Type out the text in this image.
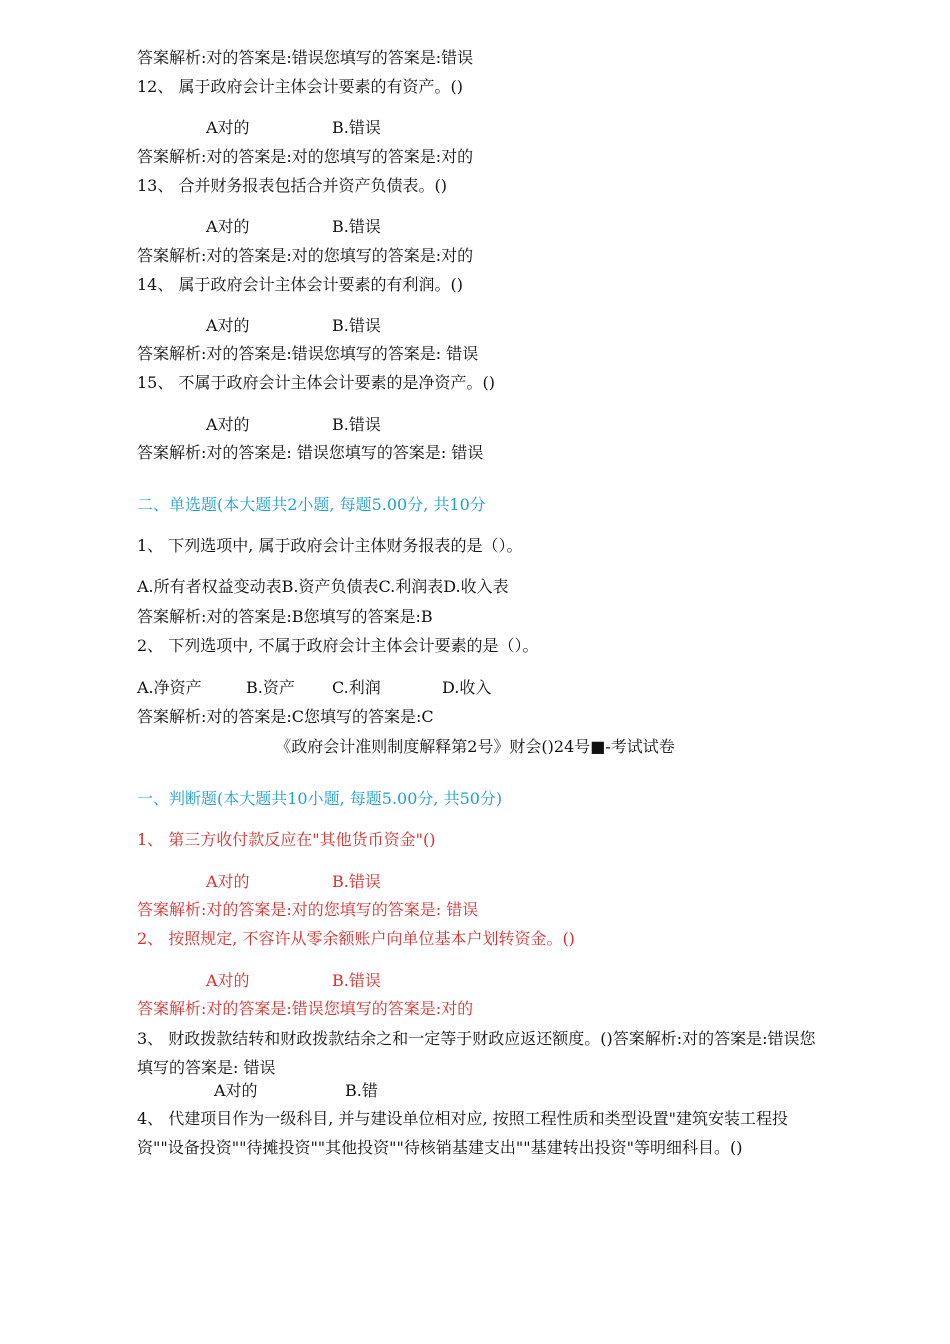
答案解析:对的答案是:错误您填写的答案是:错误
12、 属于政府会计主体会计要素的有资产。()
A对的	B.错误
答案解析:对的答案是:对的您填写的答案是:对的
13、 合并财务报表包括合并资产负债表。()
A对的	B.错误
答案解析:对的答案是:对的您填写的答案是:对的
14、 属于政府会计主体会计要素的有利润。()
A对的	B.错误
答案解析:对的答案是:错误您填写的答案是: 错误
15、 不属于政府会计主体会计要素的是净资产。()
A对的	B.错误
答案解析:对的答案是: 错误您填写的答案是: 错误
二、单选题(本大题共2小题, 每题5.00分, 共10分
1、 下列选项中, 属于政府会计主体财务报表的是（）。
A.所有者权益变动表B.资产负债表C.利润表D.收入表
答案解析:对的答案是:B您填写的答案是:B
2、 下列选项中, 不属于政府会计主体会计要素的是（）。
A.净资产	B.资产 C.利润	D.收入
答案解析:对的答案是:C您填写的答案是:C
《政府会计准则制度解释第2号》财会()24号■-考试试卷
一、判断题(本大题共10小题, 每题5.00分, 共50分)
1、 第三方收付款反应在"其他货币资金"()
A对的	B.错误
答案解析:对的答案是:对的您填写的答案是: 错误
2、 按照规定, 不容许从零余额账户向单位基本户划转资金。()
A对的	B.错误
答案解析:对的答案是:错误您填写的答案是:对的
3、 财政拨款结转和财政拨款结余之和一定等于财政应返还额度。()答案解析:对的答案是:错误您填写的答案是: 错误
A对的	B.错
4、 代建项目作为一级科目, 并与建设单位相对应, 按照工程性质和类型设置"建筑安装工程投资""设备投资""待摊投资""其他投资""待核销基建支出""基建转出投资"等明细科目。()
